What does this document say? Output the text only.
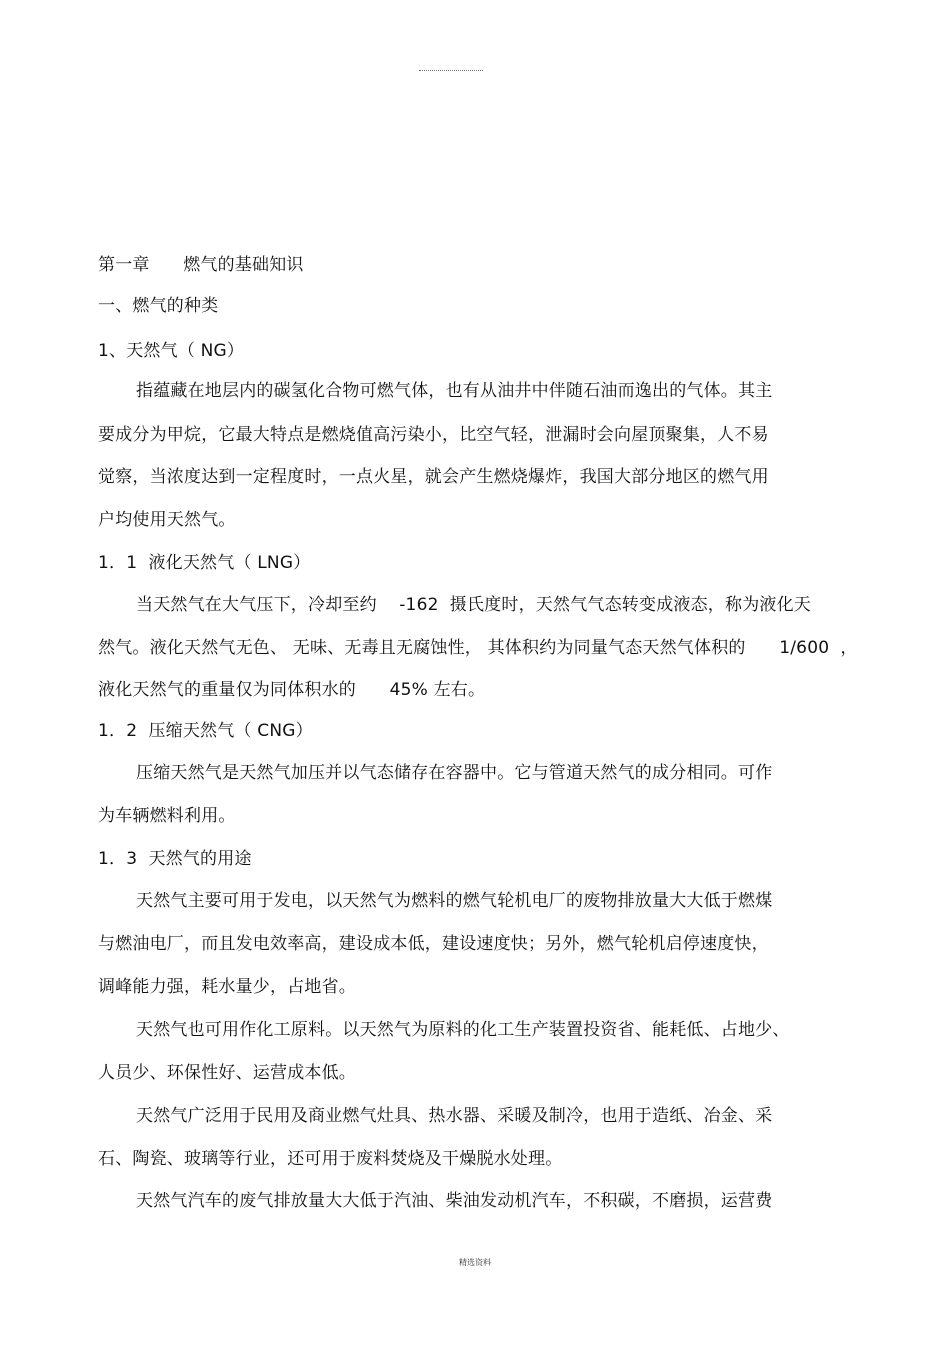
第一章      燃气的基础知识
一、燃气的种类
1、天然气（ NG）
指蕴藏在地层内的碳氢化合物可燃气体，也有从油井中伴随石油而逸出的气体。其主
要成分为甲烷，它最大特点是燃烧值高污染小，比空气轻，泄漏时会向屋顶聚集，人不易
觉察，当浓度达到一定程度时，一点火星，就会产生燃烧爆炸，我国大部分地区的燃气用
户均使用天然气。
1．1  液化天然气（ LNG）
当天然气在大气压下，冷却至约    -162  摄氏度时，天然气气态转变成液态，称为液化天
然气。液化天然气无色、 无味、无毒且无腐蚀性， 其体积约为同量气态天然气体积的      1/600  ，
液化天然气的重量仅为同体积水的      45% 左右。
1．2  压缩天然气（ CNG）
压缩天然气是天然气加压并以气态储存在容器中。它与管道天然气的成分相同。可作
为车辆燃料利用。
1．3  天然气的用途
天然气主要可用于发电，以天然气为燃料的燃气轮机电厂的废物排放量大大低于燃煤
与燃油电厂，而且发电效率高，建设成本低，建设速度快；另外，燃气轮机启停速度快，
调峰能力强，耗水量少，占地省。
天然气也可用作化工原料。以天然气为原料的化工生产装置投资省、能耗低、占地少、
人员少、环保性好、运营成本低。
天然气广泛用于民用及商业燃气灶具、热水器、采暖及制冷，也用于造纸、冶金、采
石、陶瓷、玻璃等行业，还可用于废料焚烧及干燥脱水处理。
天然气汽车的废气排放量大大低于汽油、柴油发动机汽车，不积碳，不磨损，运营费
精选资料
